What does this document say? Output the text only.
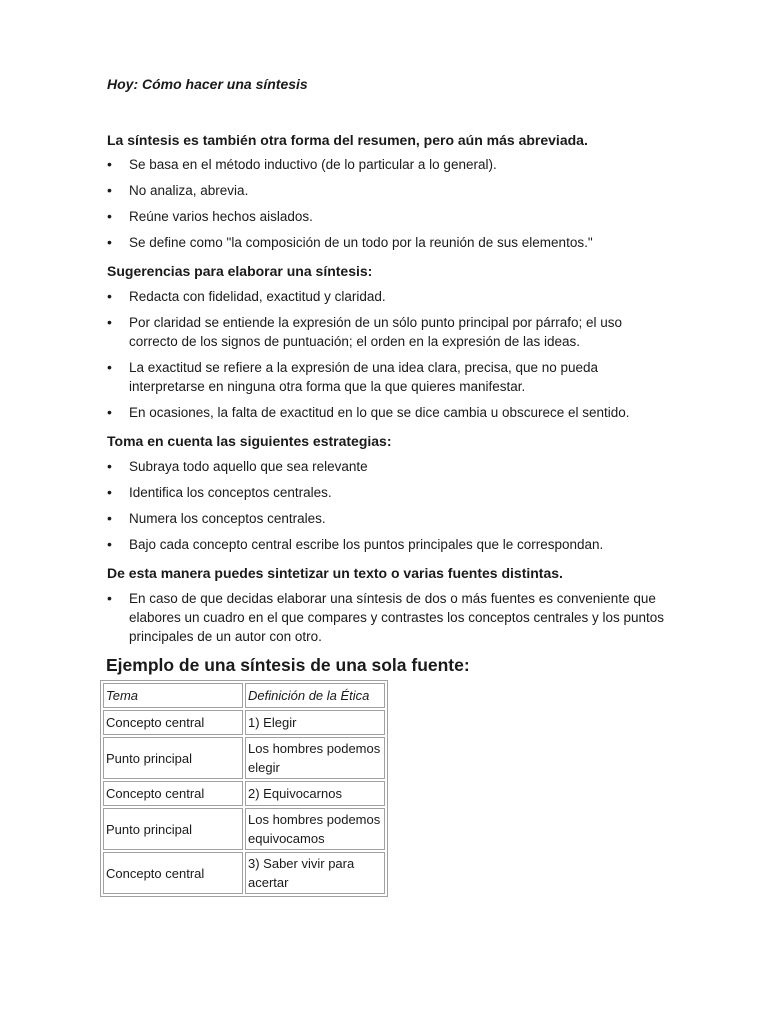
Hoy: Cómo hacer una síntesis
La síntesis es también otra forma del resumen, pero aún más abreviada.
• Se basa en el método inductivo (de lo particular a lo general).
• No analiza, abrevia.
• Reúne varios hechos aislados.
• Se define como "la composición de un todo por la reunión de sus elementos."
Sugerencias para elaborar una síntesis:
• Redacta con fidelidad, exactitud y claridad.
• Por claridad se entiende la expresión de un sólo punto principal por párrafo; el uso correcto de los signos de puntuación; el orden en la expresión de las ideas.
• La exactitud se refiere a la expresión de una idea clara, precisa, que no pueda interpretarse en ninguna otra forma que la que quieres manifestar.
• En ocasiones, la falta de exactitud en lo que se dice cambia u obscurece el sentido.
Toma en cuenta las siguientes estrategias:
• Subraya todo aquello que sea relevante
• Identifica los conceptos centrales.
• Numera los conceptos centrales.
• Bajo cada concepto central escribe los puntos principales que le correspondan.
De esta manera puedes sintetizar un texto o varias fuentes distintas.
• En caso de que decidas elaborar una síntesis de dos o más fuentes es conveniente que elabores un cuadro en el que compares y contrastes los conceptos centrales y los puntos principales de un autor con otro.
Ejemplo de una síntesis de una sola fuente:
Tema	Definición de la Ética
Concepto central	1) Elegir
Punto principal	Los hombres podemos elegir
Concepto central	2) Equivocarnos
Punto principal	Los hombres podemos equivocamos
Concepto central	3) Saber vivir para acertar
